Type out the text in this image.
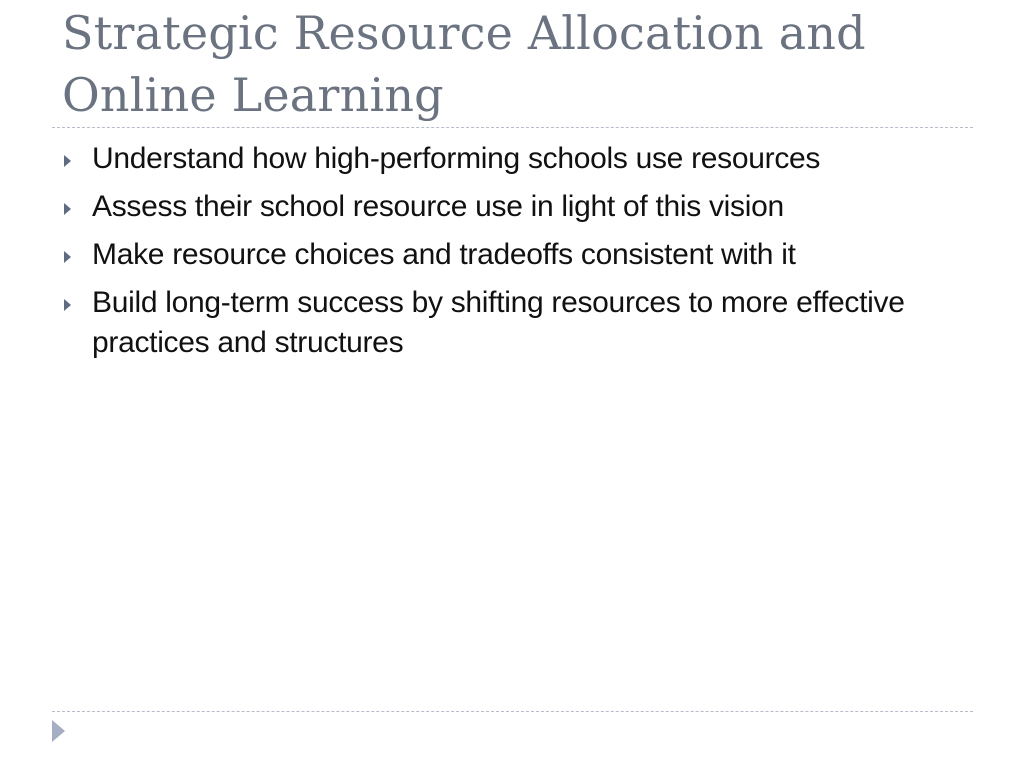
Strategic Resource Allocation and Online Learning
Understand how high-performing schools use resources
Assess their school resource use in light of this vision
Make resource choices and tradeoffs consistent with it
Build long-term success by shifting resources to more effective practices and structures
